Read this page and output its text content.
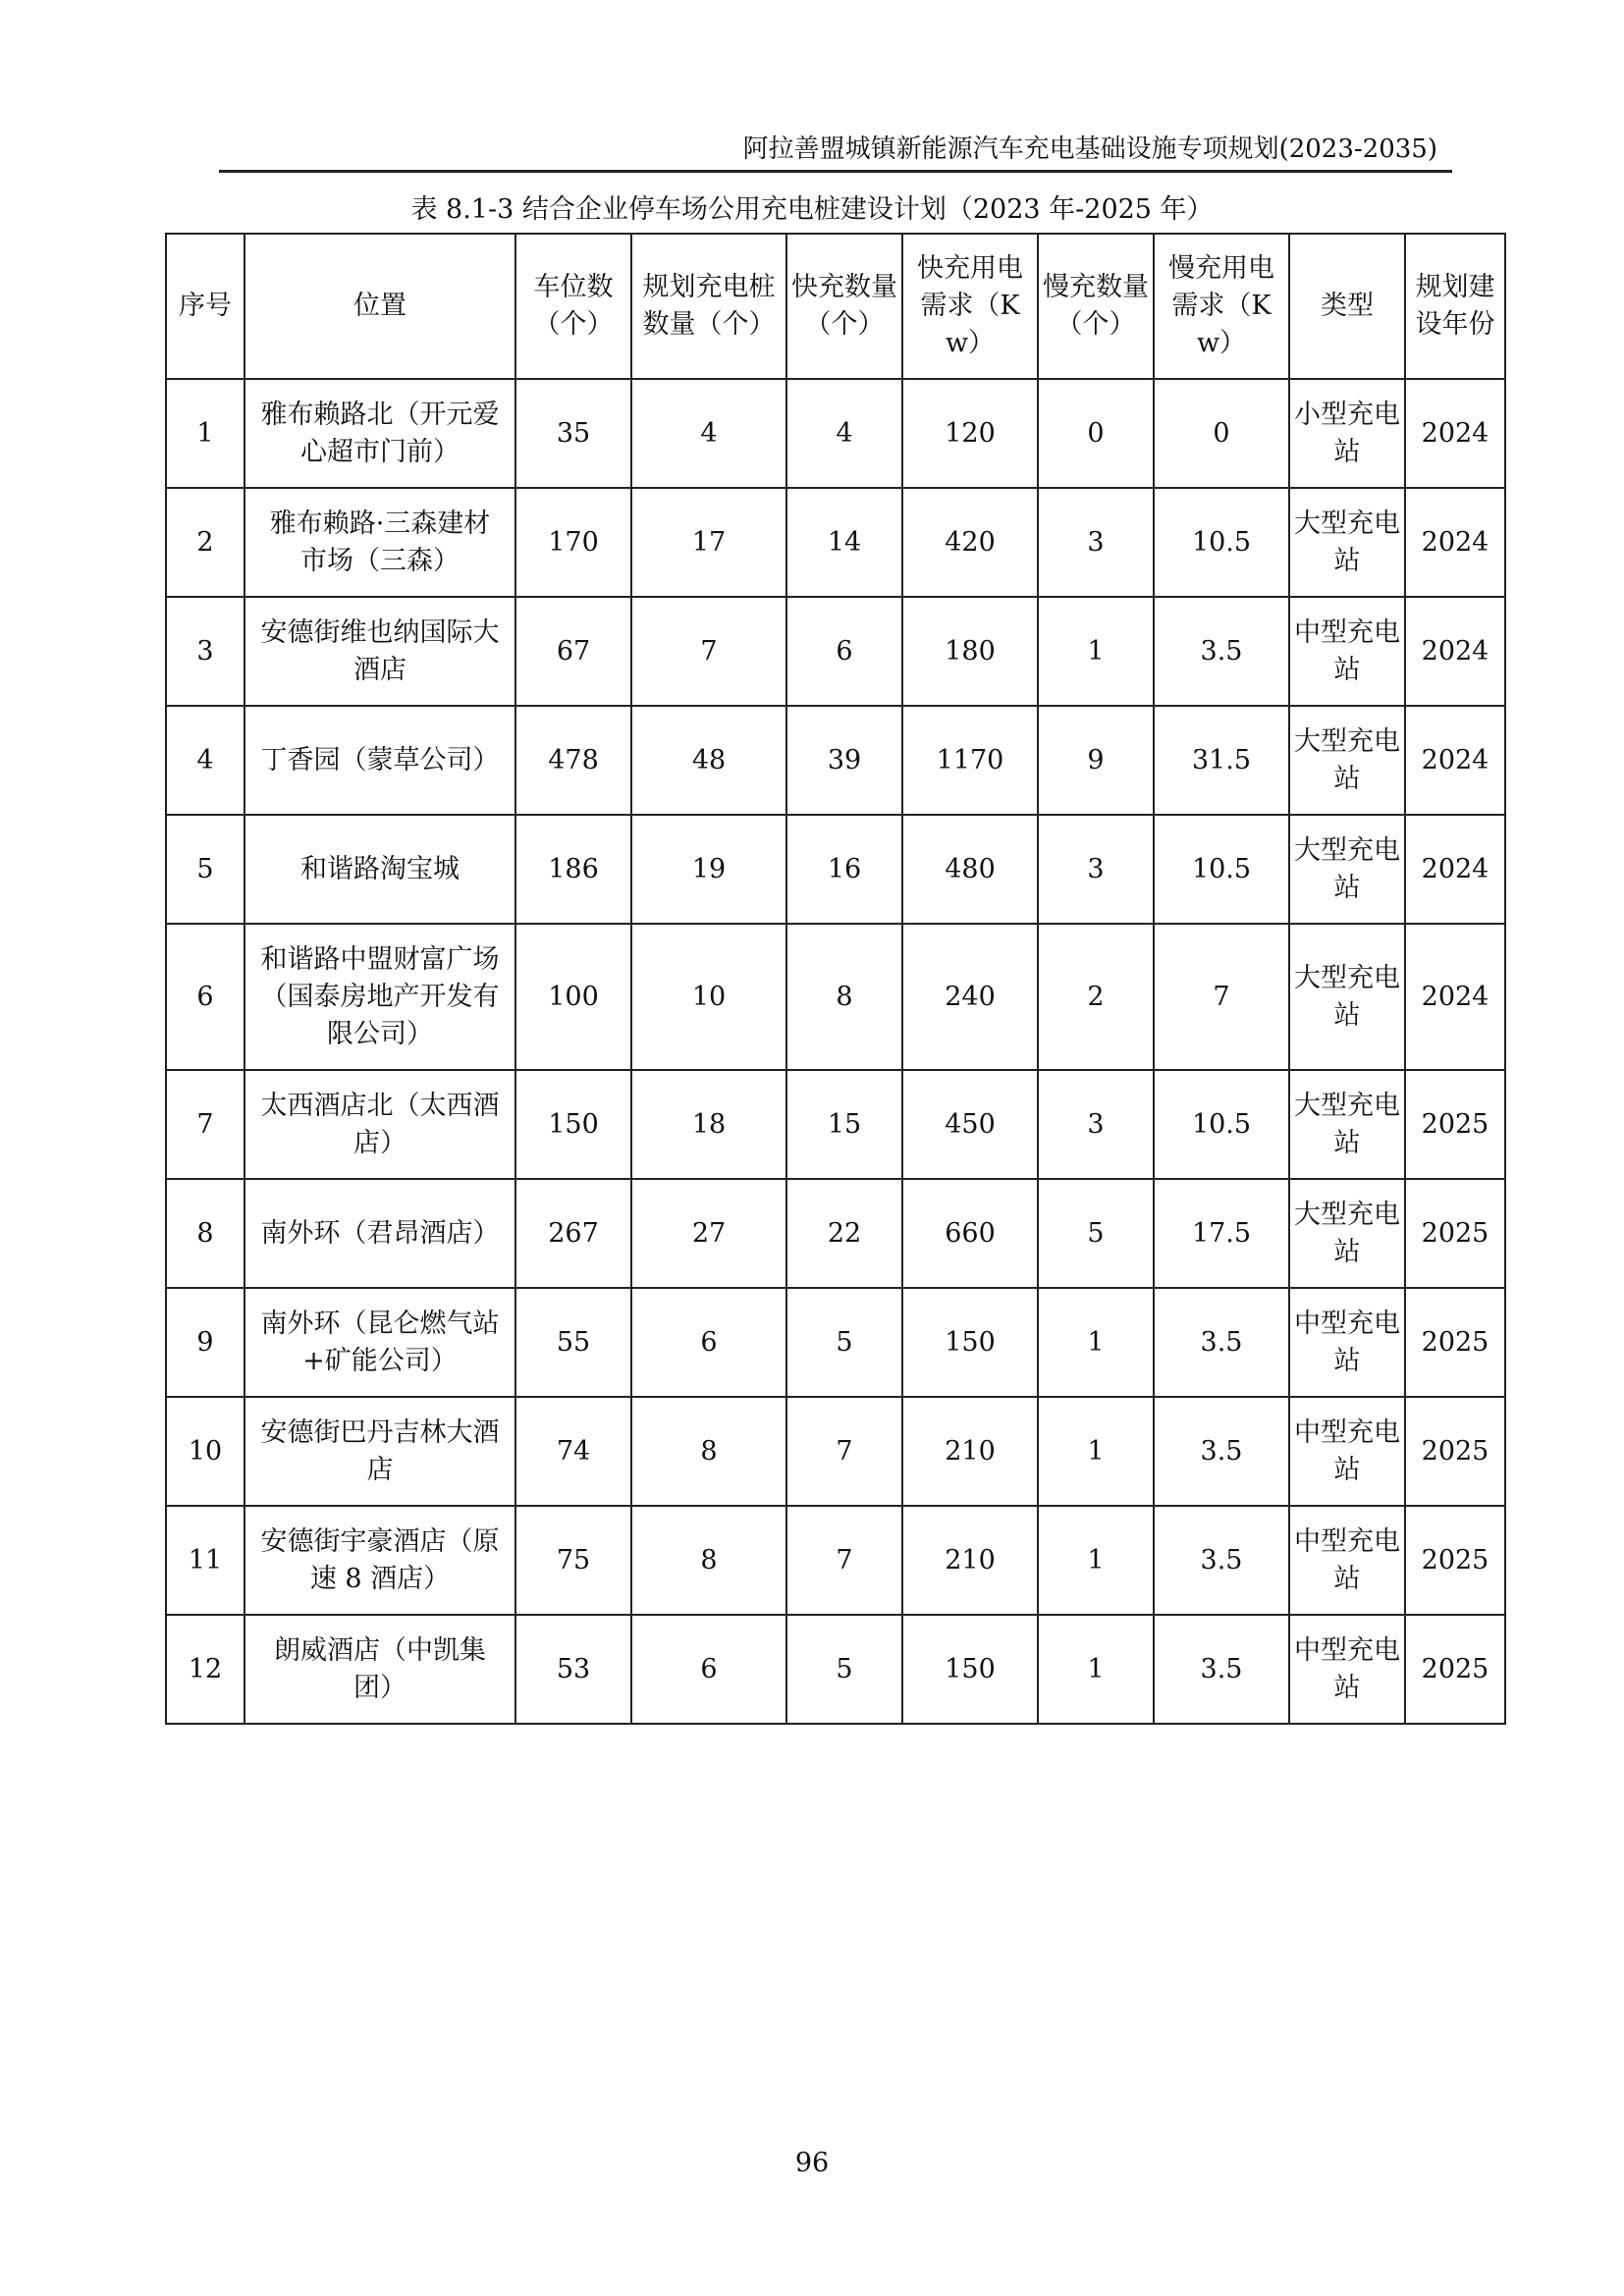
阿拉善盟城镇新能源汽车充电基础设施专项规划(2023-2035)
表 8.1-3 结合企业停车场公用充电桩建设计划（2023 年-2025 年）
序号	位置	车位数（个）	规划充电桩数量（个）	快充数量（个）	快充用电需求（Kw）	慢充数量（个）	慢充用电需求（Kw）	类型	规划建设年份
1	雅布赖路北（开元爱心超市门前）	35	4	4	120	0	0	小型充电站	2024
2	雅布赖路·三森建材市场（三森）	170	17	14	420	3	10.5	大型充电站	2024
3	安德街维也纳国际大酒店	67	7	6	180	1	3.5	中型充电站	2024
4	丁香园（蒙草公司）	478	48	39	1170	9	31.5	大型充电站	2024
5	和谐路淘宝城	186	19	16	480	3	10.5	大型充电站	2024
6	和谐路中盟财富广场（国泰房地产开发有限公司）	100	10	8	240	2	7	大型充电站	2024
7	太西酒店北（太西酒店）	150	18	15	450	3	10.5	大型充电站	2025
8	南外环（君昂酒店）	267	27	22	660	5	17.5	大型充电站	2025
9	南外环（昆仑燃气站+矿能公司）	55	6	5	150	1	3.5	中型充电站	2025
10	安德街巴丹吉林大酒店	74	8	7	210	1	3.5	中型充电站	2025
11	安德街宇豪酒店（原速 8 酒店）	75	8	7	210	1	3.5	中型充电站	2025
12	朗威酒店（中凯集团）	53	6	5	150	1	3.5	中型充电站	2025
96
